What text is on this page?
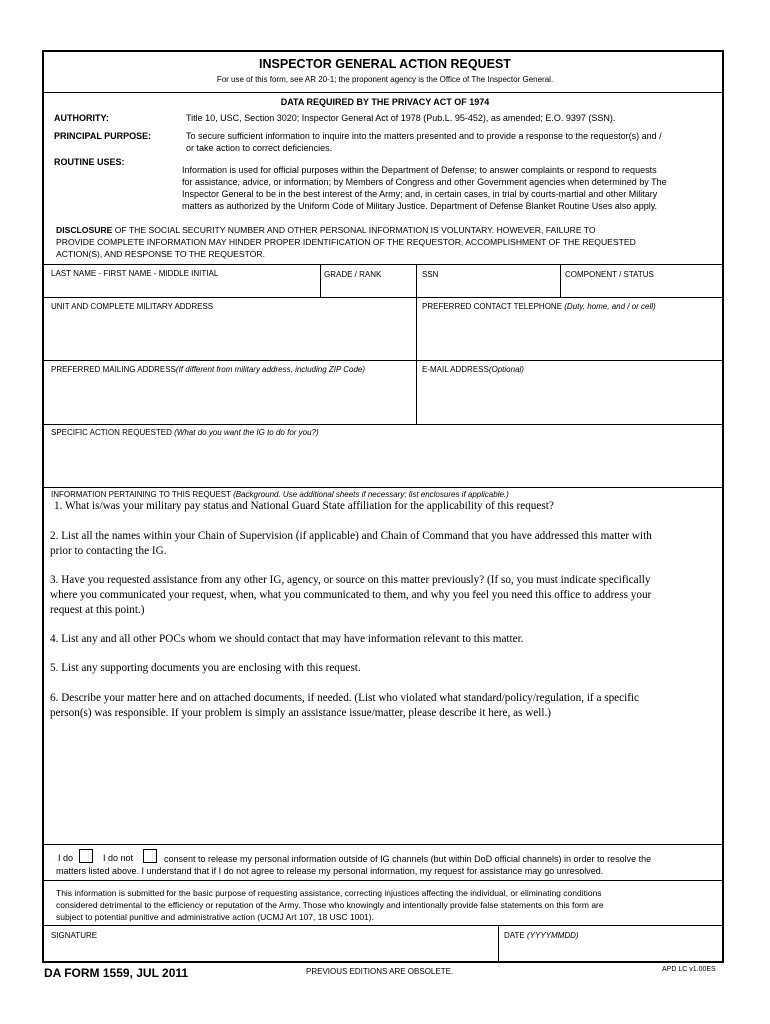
INSPECTOR GENERAL ACTION REQUEST
For use of this form, see AR 20-1; the proponent agency is the Office of The Inspector General.
DATA REQUIRED BY THE PRIVACY ACT OF 1974
AUTHORITY:	Title 10, USC, Section 3020; Inspector General Act of 1978 (Pub.L. 95-452), as amended; E.O. 9397 (SSN).
PRINCIPAL PURPOSE:	To secure sufficient information to inquire into the matters presented and to provide a response to the requestor(s) and /
or take action to correct deficiencies.
ROUTINE USES:
Information is used for official purposes within the Department of Defense; to answer complaints or respond to requests
for assistance, advice, or information; by Members of Congress and other Government agencies when determined by The
Inspector General to be in the best interest of the Army; and, in certain cases, in trial by courts-martial and other Military
matters as authorized by the Uniform Code of Military Justice. Department of Defense Blanket Routine Uses also apply.
DISCLOSURE OF THE SOCIAL SECURITY NUMBER AND OTHER PERSONAL INFORMATION IS VOLUNTARY. HOWEVER, FAILURE TO
PROVIDE COMPLETE INFORMATION MAY HINDER PROPER IDENTIFICATION OF THE REQUESTOR, ACCOMPLISHMENT OF THE REQUESTED
ACTION(S), AND RESPONSE TO THE REQUESTOR.
LAST NAME - FIRST NAME - MIDDLE INITIAL	GRADE / RANK	SSN	COMPONENT / STATUS
UNIT AND COMPLETE MILITARY ADDRESS	PREFERRED CONTACT TELEPHONE (Duty, home, and / or cell)
PREFERRED MAILING ADDRESS(If different from military address, including ZIP Code)	E-MAIL ADDRESS(Optional)
SPECIFIC ACTION REQUESTED (What do you want the IG to do for you?)
INFORMATION PERTAINING TO THIS REQUEST (Background. Use additional sheets if necessary; list enclosures if applicable.)
1. What is/was your military pay status and National Guard State affiliation for the applicability of this request?
2. List all the names within your Chain of Supervision (if applicable) and Chain of Command that you have addressed this matter with
prior to contacting the IG.
3. Have you requested assistance from any other IG, agency, or source on this matter previously? (If so, you must indicate specifically
where you communicated your request, when, what you communicated to them, and why you feel you need this office to address your
request at this point.)
4. List any and all other POCs whom we should contact that may have information relevant to this matter.
5. List any supporting documents you are enclosing with this request.
6. Describe your matter here and on attached documents, if needed. (List who violated what standard/policy/regulation, if a specific
person(s) was responsible. If your problem is simply an assistance issue/matter, please describe it here, as well.)
I do	I do not	consent to release my personal information outside of IG channels (but within DoD official channels) in order to resolve the
matters listed above. I understand that if I do not agree to release my personal information, my request for assistance may go unresolved.
This information is submitted for the basic purpose of requesting assistance, correcting injustices affecting the individual, or eliminating conditions
considered detrimental to the efficiency or reputation of the Army. Those who knowingly and intentionally provide false statements on this form are
subject to potential punitive and administrative action (UCMJ Art 107, 18 USC 1001).
SIGNATURE	DATE (YYYYMMDD)
DA FORM 1559, JUL 2011	PREVIOUS EDITIONS ARE OBSOLETE.	APD LC v1.00ES
